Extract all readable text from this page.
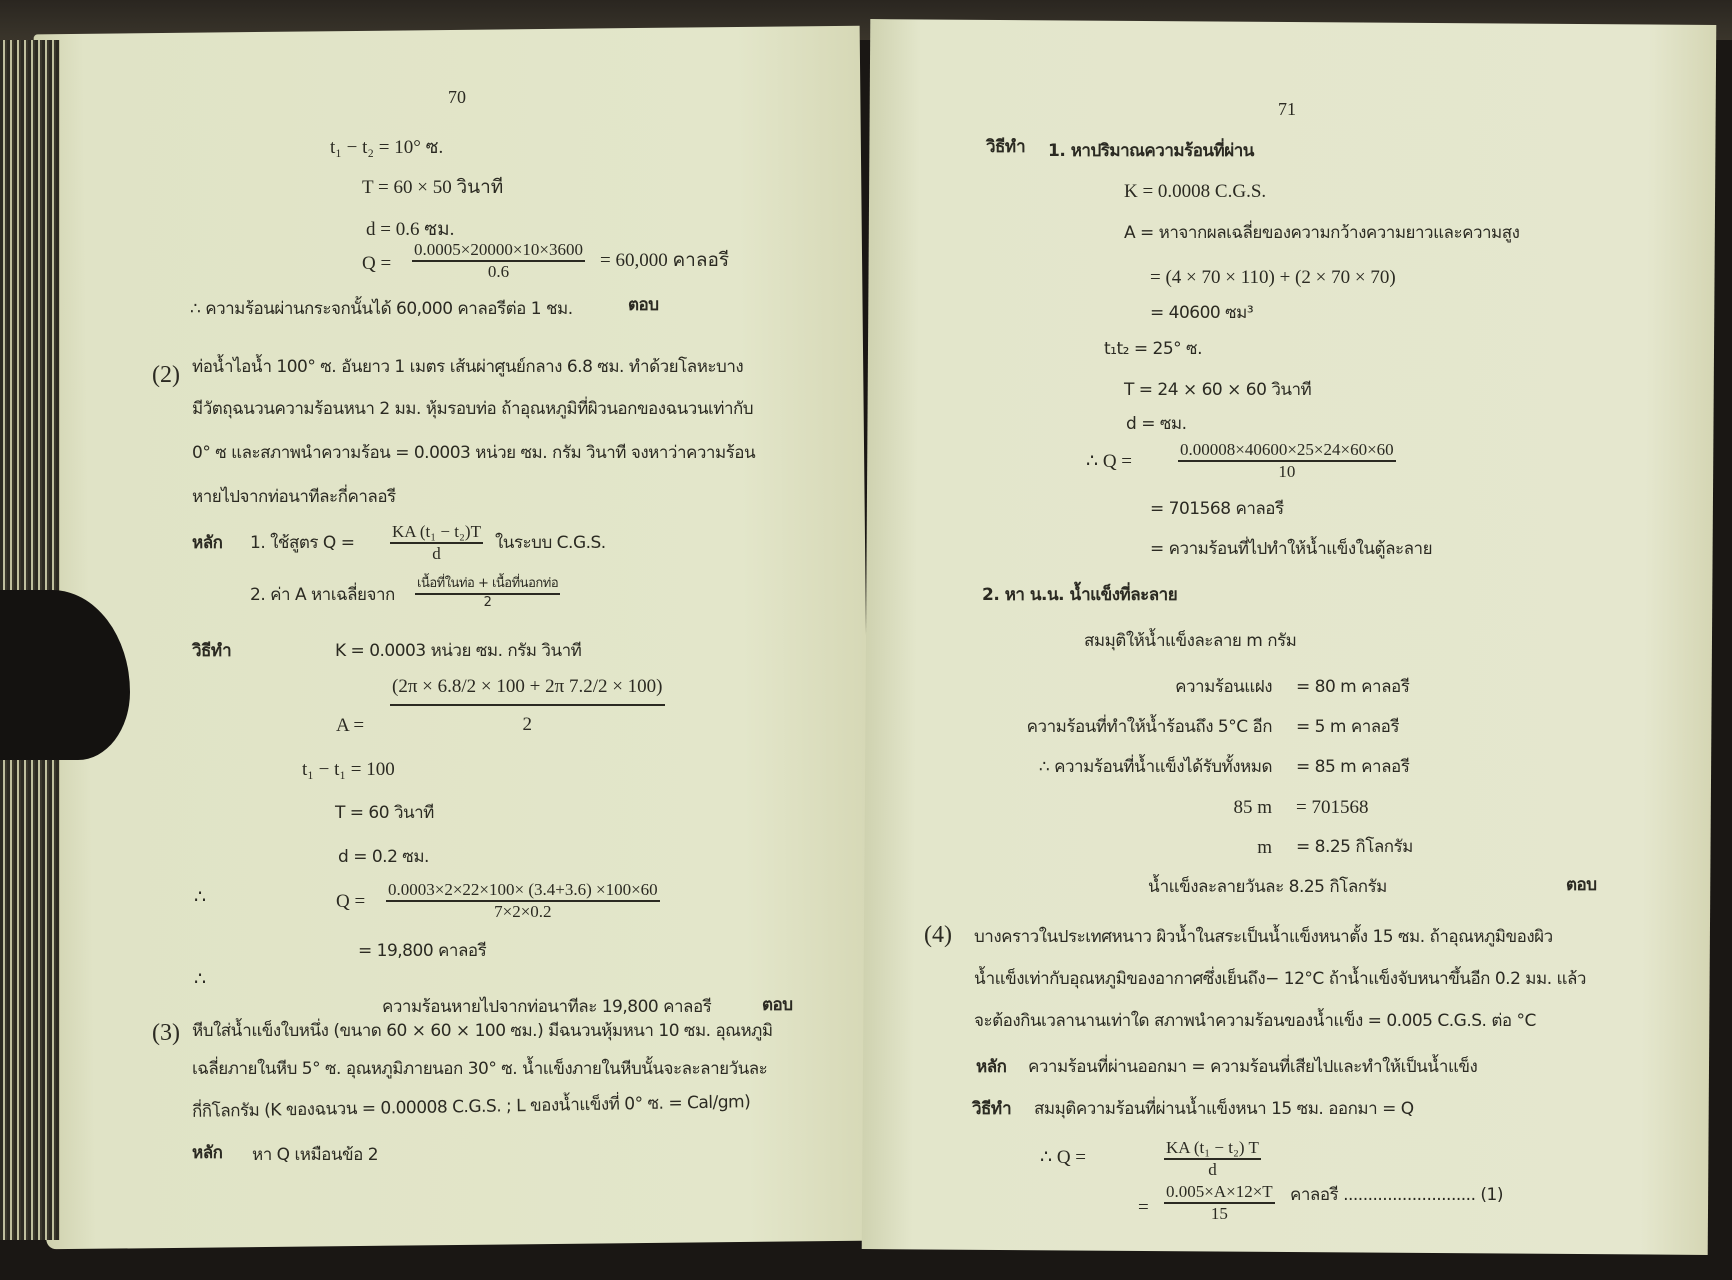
70
t₁ − t₂ = 10° ซ.
T = 60 × 50 วินาที
d = 0.6 ซม.
$Q = \frac{0.0005\times 20000\times 10\times 3600}{0.6} = 60,000$ คาลอรี
∴ ความร้อนผ่านกระจกนั้นได้ 60,000 คาลอรีต่อ 1 ชม.	ตอบ
(2) ท่อน้ำไอน้ำ 100° ซ. อันยาว 1 เมตร เส้นผ่าศูนย์กลาง 6.8 ซม. ทำด้วยโลหะบาง
มีวัตถุฉนวนความร้อนหนา 2 มม. หุ้มรอบท่อ ถ้าอุณหภูมิที่ผิวนอกของฉนวนเท่ากับ
0° ซ และสภาพนำความร้อน = 0.0003 หน่วย ซม. กรัม วินาที จงหาว่าความร้อน
หายไปจากท่อนาทีละกี่คาลอรี
หลัก 1. ใช้สูตร $Q = \frac{\text{KA (t₁ − t₂)T}}{d}$ ในระบบ C.G.S.
2. ค่า A หาเฉลี่ยจาก
เนื้อที่ในท่อ + เนื้อที่นอกท่อ
2
วิธีทำ	K = 0.0003 หน่วย ซม. กรัม วินาที
$A = \frac{(2\pi \times 6.8/2 \times 100 + 2\pi 7.2/2 \times 100)}{2}$
t₁ − t₁ = 100
T = 60 วินาที
d = 0.2 ซม.
∴	$Q = \frac{0.0003\times 2\times 22\times 100\times (3.4+3.6) \times 100\times 60}{7\times 2\times 0.2}$
= 19,800 คาลอรี
∴
ความร้อนหายไปจากท่อนาทีละ 19,800 คาลอรี	ตอบ
(3) หีบใส่น้ำแข็งใบหนึ่ง (ขนาด 60 × 60 × 100 ซม.) มีฉนวนหุ้มหนา 10 ซม. อุณหภูมิ
เฉลี่ยภายในหีบ 5° ซ. อุณหภูมิภายนอก 30° ซ. น้ำแข็งภายในหีบนั้นจะละลายวันละ
กี่กิโลกรัม (K ของฉนวน = 0.00008 C.G.S. ; L ของน้ำแข็งที่ 0° ซ. = Cal/gm)
หลัก หา Q เหมือนข้อ 2
71
วิธีทำ 1. หาปริมาณความร้อนที่ผ่าน
K = 0.0008 C.G.S.
A = หาจากผลเฉลี่ยของความกว้างความยาวและความสูง
= (4 × 70 × 110) + (2 × 70 × 70)
= 40600 ซม³
t₁t₂ = 25° ซ.
T = 24 × 60 × 60 วินาที
d = ซม.
∴ Q =	$\frac{0.00008\times 40600\times 25\times 24\times 60\times 60}{10}$
= 701568 คาลอรี
= ความร้อนที่ไปทำให้น้ำแข็งในตู้ละลาย
2. หา น.น. น้ำแข็งที่ละลาย
สมมุติให้น้ำแข็งละลาย m กรัม
ความร้อนแฝง = 80 m คาลอรี
ความร้อนที่ทำให้น้ำร้อนถึง 5°C อีก = 5 m คาลอรี
∴ ความร้อนที่น้ำแข็งได้รับทั้งหมด = 85 m คาลอรี
85 m = 701568
m = 8.25 กิโลกรัม
น้ำแข็งละลายวันละ 8.25 กิโลกรัม	ตอบ
(4) บางคราวในประเทศหนาว ผิวน้ำในสระเป็นน้ำแข็งหนาตั้ง 15 ซม. ถ้าอุณหภูมิของผิว
น้ำแข็งเท่ากับอุณหภูมิของอากาศซึ่งเย็นถึง− 12°C ถ้าน้ำแข็งจับหนาขึ้นอีก 0.2 มม. แล้ว
จะต้องกินเวลานานเท่าใด สภาพนำความร้อนของน้ำแข็ง = 0.005 C.G.S. ต่อ °C
หลัก ความร้อนที่ผ่านออกมา = ความร้อนที่เสียไปและทำให้เป็นน้ำแข็ง
วิธีทำ สมมุติความร้อนที่ผ่านน้ำแข็งหนา 15 ซม. ออกมา = Q
∴ Q =	$\frac{\text{KA (t₁ − t₂) T}}{d}$
= $\frac{0.005\times A\times 12\times T}{15}$ คาลอรี ........................... (1)
